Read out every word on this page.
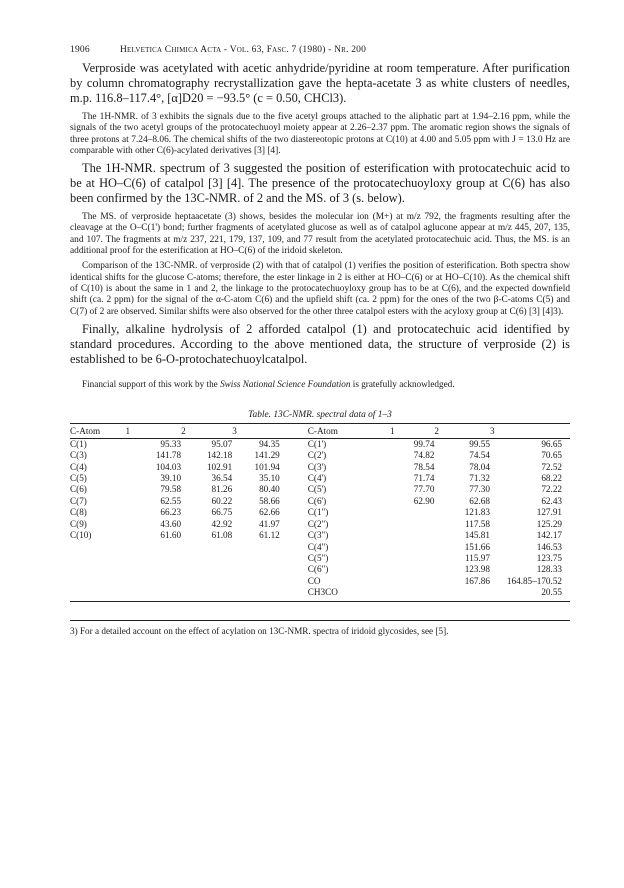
1906	Helvetica Chimica Acta - Vol. 63, Fasc. 7 (1980) - Nr. 200

Verproside was acetylated with acetic anhydride/pyridine at room temperature. After purification by column chromatography recrystallization gave the hepta-acetate 3 as white clusters of needles, m.p. 116.8–117.4°, [α]D20 = −93.5° (c = 0.50, CHCl3).

The 1H-NMR. of 3 exhibits the signals due to the five acetyl groups attached to the aliphatic part at 1.94–2.16 ppm, while the signals of the two acetyl groups of the protocatechuoyl moiety appear at 2.26–2.37 ppm. The aromatic region shows the signals of three protons at 7.24–8.06. The chemical shifts of the two diastereotopic protons at C(10) at 4.00 and 5.05 ppm with J = 13.0 Hz are comparable with other C(6)-acylated derivatives [3] [4].

The 1H-NMR. spectrum of 3 suggested the position of esterification with protocatechuic acid to be at HO–C(6) of catalpol [3] [4]. The presence of the protocatechuoyloxy group at C(6) has also been confirmed by the 13C-NMR. of 2 and the MS. of 3 (s. below).

The MS. of verproside heptaacetate (3) shows, besides the molecular ion (M+) at m/z 792, the fragments resulting after the cleavage at the O–C(1') bond; further fragments of acetylated glucose as well as of catalpol aglucone appear at m/z 445, 207, 135, and 107. The fragments at m/z 237, 221, 179, 137, 109, and 77 result from the acetylated protocatechuic acid. Thus, the MS. is an additional proof for the esterification at HO–C(6) of the iridoid skeleton.

Comparison of the 13C-NMR. of verproside (2) with that of catalpol (1) verifies the position of esterification. Both spectra show identical shifts for the glucose C-atoms; therefore, the ester linkage in 2 is either at HO–C(6) or at HO–C(10). As the chemical shift of C(10) is about the same in 1 and 2, the linkage to the protocatechuoyloxy group has to be at C(6), and the expected downfield shift (ca. 2 ppm) for the signal of the α-C-atom C(6) and the upfield shift (ca. 2 ppm) for the ones of the two β-C-atoms C(5) and C(7) of 2 are observed. Similar shifts were also observed for the other three catalpol esters with the acyloxy group at C(6) [3] [4]3).

Finally, alkaline hydrolysis of 2 afforded catalpol (1) and protocatechuic acid identified by standard procedures. According to the above mentioned data, the structure of verproside (2) is established to be 6-O-protochatechuoylcatalpol.

Financial support of this work by the Swiss National Science Foundation is gratefully acknowledged.

Table. 13C-NMR. spectral data of 1–3
C-Atom	1	2	3	C-Atom	1	2	3
C(1)	95.33	95.07	94.35	C(1')	99.74	99.55	96.65
C(3)	141.78	142.18	141.29	C(2')	74.82	74.54	70.65
C(4)	104.03	102.91	101.94	C(3')	78.54	78.04	72.52
C(5)	39.10	36.54	35.10	C(4')	71.74	71.32	68.22
C(6)	79.58	81.26	80.40	C(5')	77.70	77.30	72.22
C(7)	62.55	60.22	58.66	C(6')	62.90	62.68	62.43
C(8)	66.23	66.75	62.66	C(1")		121.83	127.91
C(9)	43.60	42.92	41.97	C(2")		117.58	125.29
C(10)	61.60	61.08	61.12	C(3")		145.81	142.17
				C(4")		151.66	146.53
				C(5")		115.97	123.75
				C(6")		123.98	128.33
				CO		167.86	164.85–170.52
				CH3CO			20.55

3) For a detailed account on the effect of acylation on 13C-NMR. spectra of iridoid glycosides, see [5].
